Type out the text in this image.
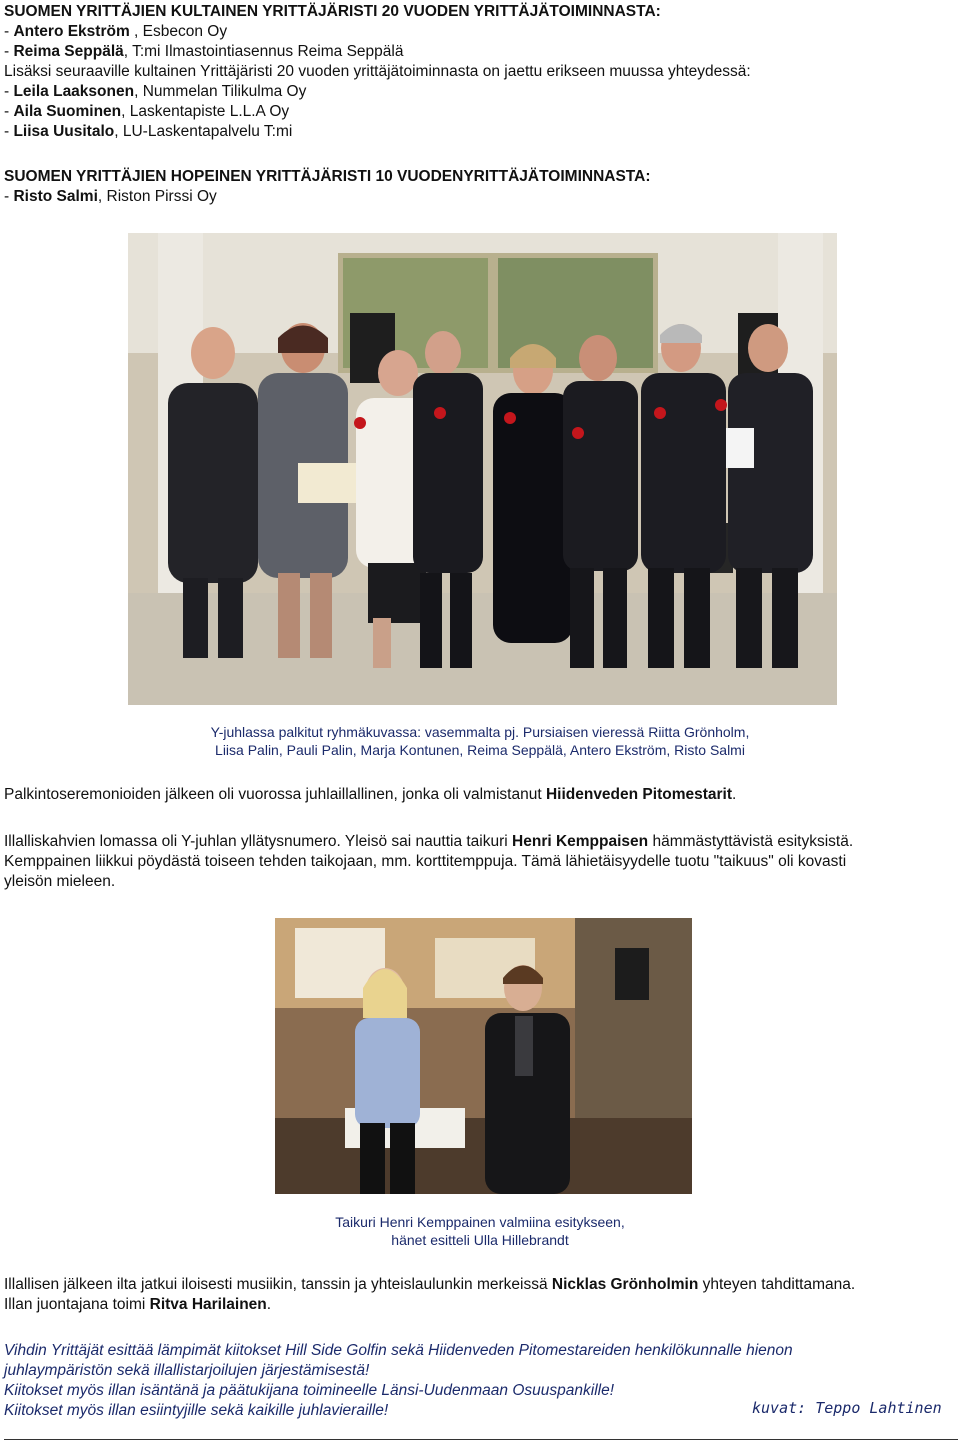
SUOMEN YRITTÄJIEN KULTAINEN YRITTÄJÄRISTI 20 VUODEN YRITTÄJÄTOIMINNASTA:
- Antero Ekström , Esbecon Oy
- Reima Seppälä, T:mi Ilmastointiasennus Reima Seppälä
Lisäksi seuraaville kultainen Yrittäjäristi 20 vuoden yrittäjätoiminnasta on jaettu erikseen muussa yhteydessä:
- Leila Laaksonen, Nummelan Tilikulma Oy
- Aila Suominen, Laskentapiste L.L.A Oy
- Liisa Uusitalo, LU-Laskentapalvelu T:mi
SUOMEN YRITTÄJIEN HOPEINEN YRITTÄJÄRISTI 10 VUODENYRITTÄJÄTOIMINNASTA:
- Risto Salmi, Riston Pirssi Oy
Y-juhlassa palkitut ryhmäkuvassa: vasemmalta pj. Pursiaisen vieressä Riitta Grönholm,
Liisa Palin, Pauli Palin, Marja Kontunen, Reima Seppälä, Antero Ekström, Risto Salmi
Palkintoseremonioiden jälkeen oli vuorossa juhlaillallinen, jonka oli valmistanut Hiidenveden Pitomestarit.
Illalliskahvien lomassa oli Y-juhlan yllätysnumero. Yleisö sai nauttia taikuri Henri Kemppaisen hämmästyttävistä esityksistä.
Kemppainen liikkui pöydästä toiseen tehden taikojaan, mm. korttitemppuja. Tämä lähietäisyydelle tuotu "taikuus" oli kovasti
yleisön mieleen.
Taikuri Henri Kemppainen valmiina esitykseen,
hänet esitteli Ulla Hillebrandt
Illallisen jälkeen ilta jatkui iloisesti musiikin, tanssin ja yhteislaulunkin merkeissä Nicklas Grönholmin yhteyen tahdittamana.
Illan juontajana toimi Ritva Harilainen.
Vihdin Yrittäjät esittää lämpimät kiitokset Hill Side Golfin sekä Hiidenveden Pitomestareiden henkilökunnalle hienon
juhlaympäristön sekä illallistarjoilujen järjestämisestä!
Kiitokset myös illan isäntänä ja päätukijana toimineelle Länsi-Uudenmaan Osuuspankille!
Kiitokset myös illan esiintyjille sekä kaikille juhlavieraille!	kuvat: Teppo Lahtinen
